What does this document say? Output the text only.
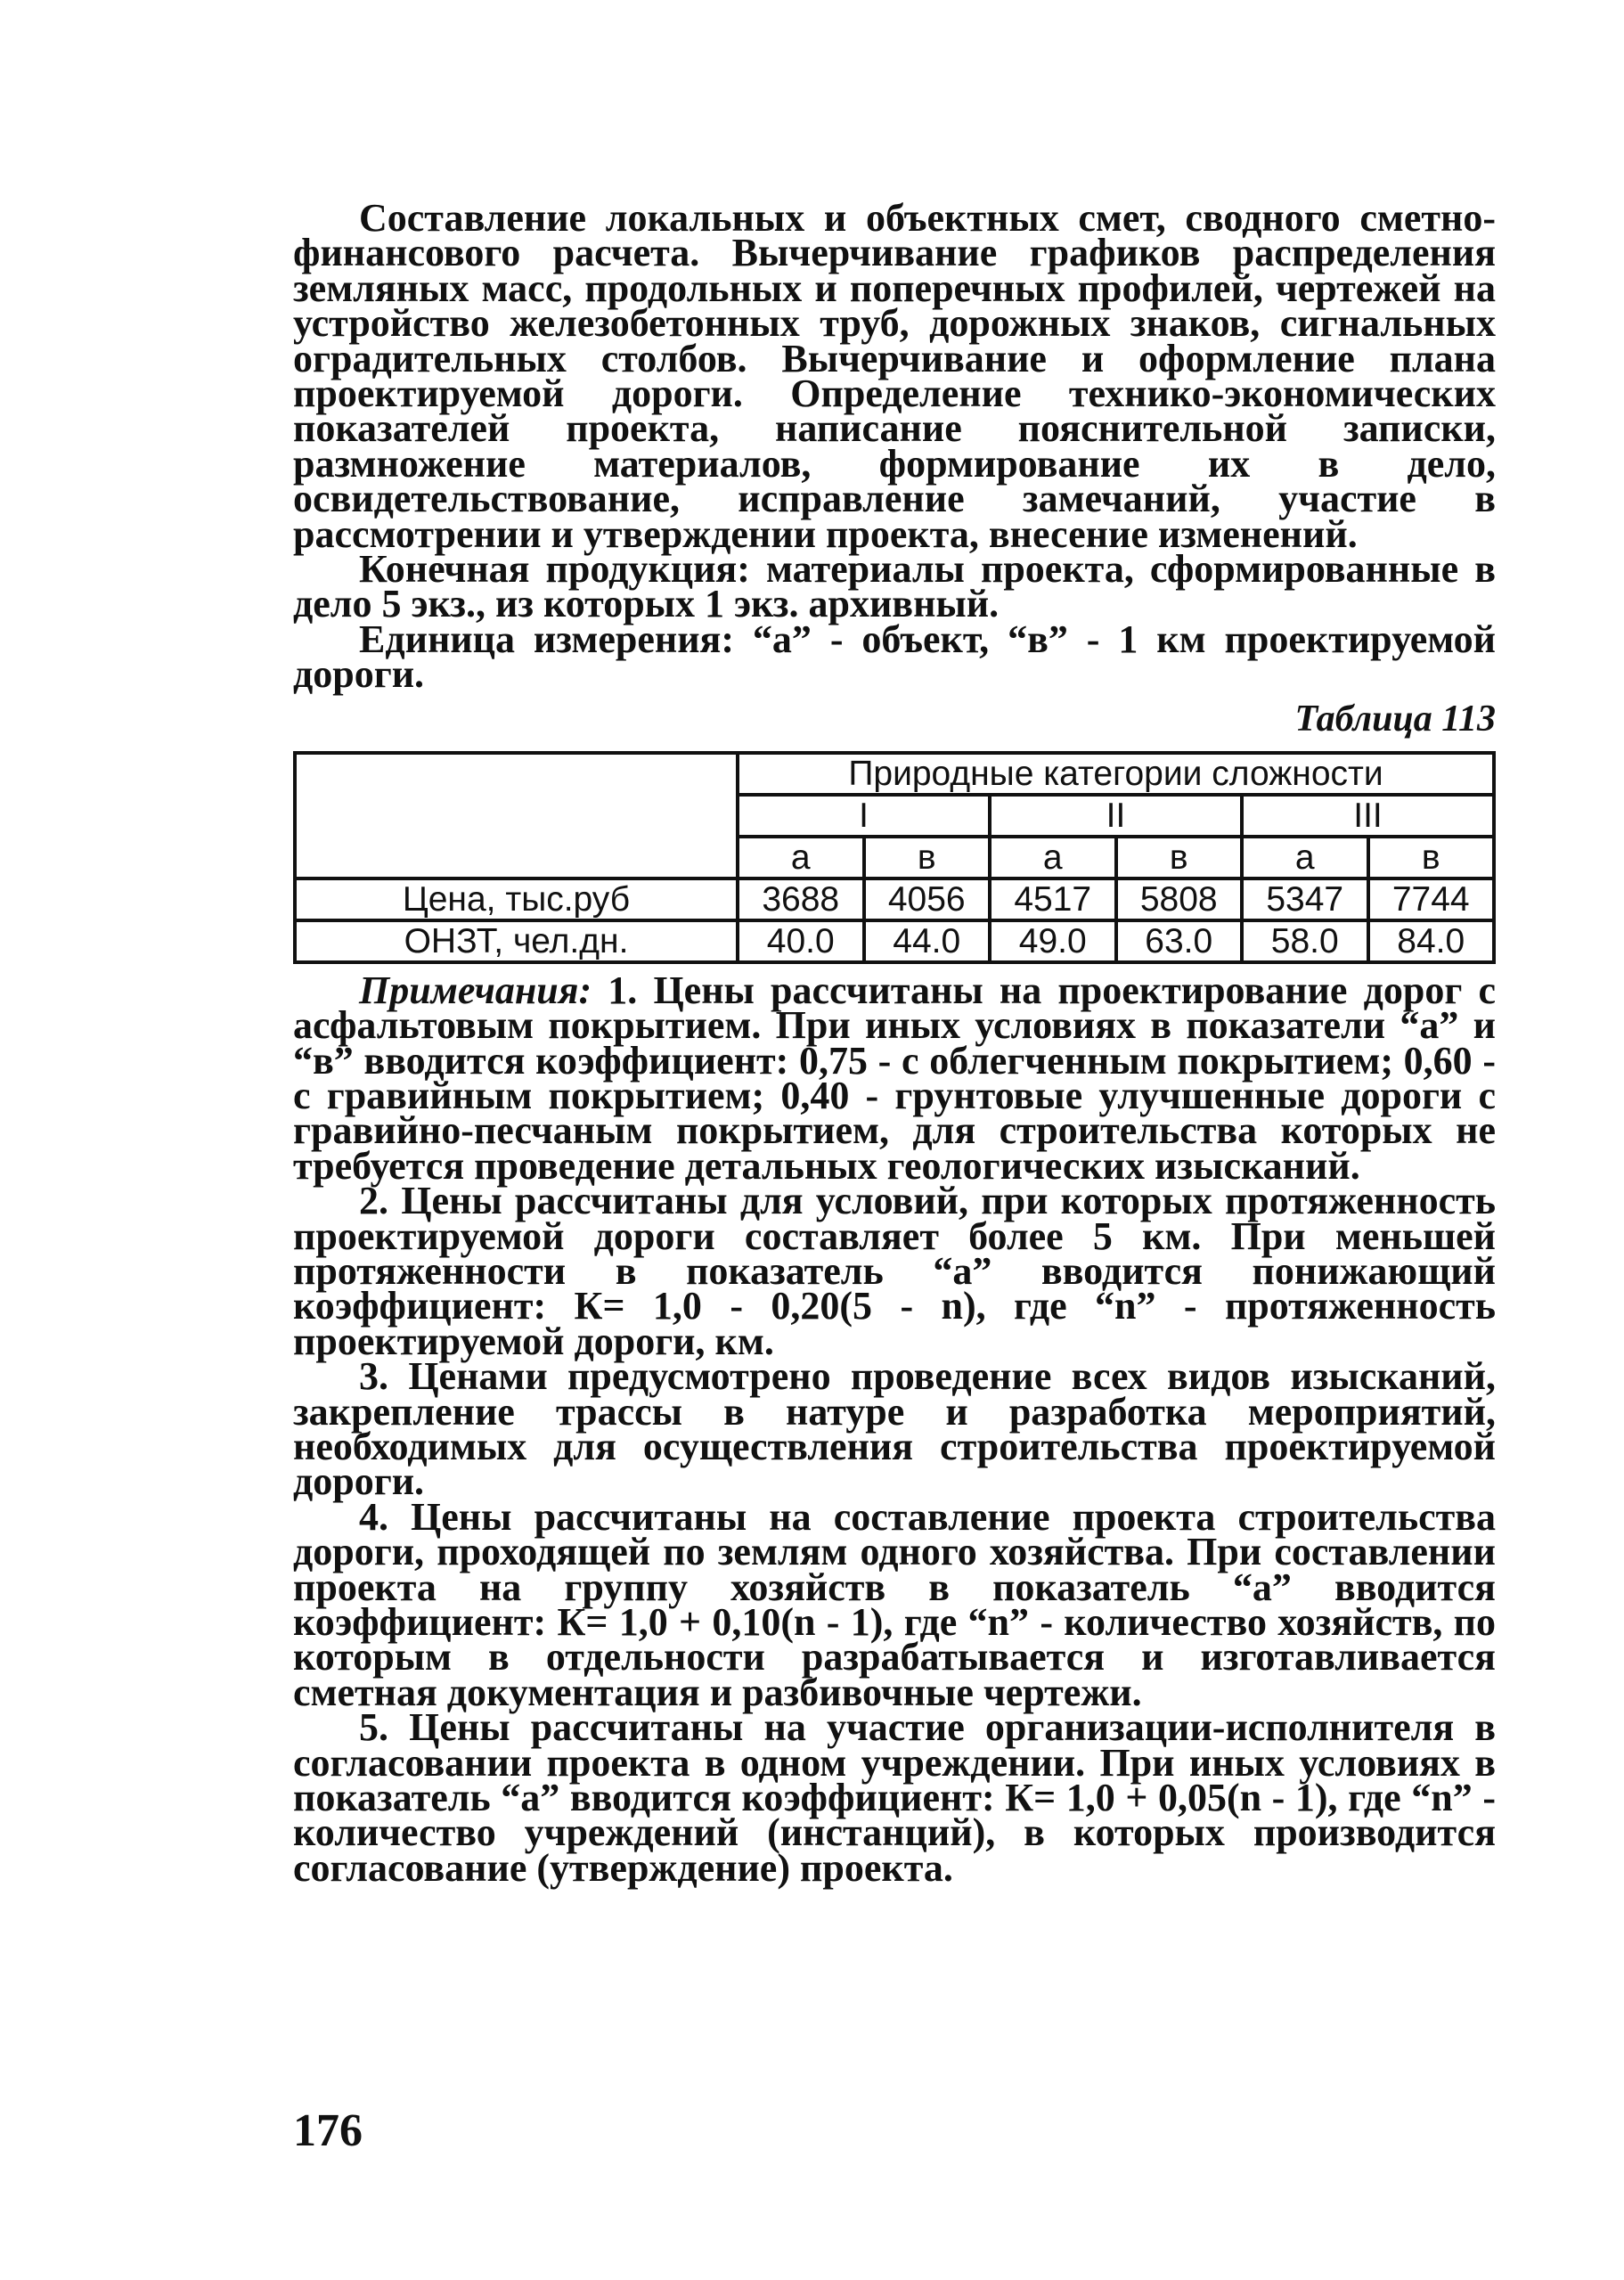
Составление локальных и объектных смет, сводного сметно-финансового расчета. Вычерчивание графиков распределения земляных масс, продольных и поперечных профилей, чертежей на устройство железобетонных труб, дорожных знаков, сигнальных оградительных столбов. Вычерчивание и оформление плана проектируемой дороги. Определение технико-экономических показателей проекта, написание пояснительной записки, размножение материалов, формирование их в дело, освидетельствование, исправление замечаний, участие в рассмотрении и утверждении проекта, внесение изменений.

Конечная продукция: материалы проекта, сформированные в дело 5 экз., из которых 1 экз. архивный.

Единица измерения: “а” - объект, “в” - 1 км проектируемой дороги.

Таблица 113
	Природные категории сложности					
	I		II		III	
	а	в	а	в	а	в
Цена, тыс.руб	3688	4056	4517	5808	5347	7744
ОНЗТ, чел.дн.	40.0	44.0	49.0	63.0	58.0	84.0

Примечания: 1. Цены рассчитаны на проектирование дорог с асфальтовым покрытием. При иных условиях в показатели “а” и “в” вводится коэффициент: 0,75 - с облегченным покрытием; 0,60 - с гравийным покрытием; 0,40 - грунтовые улучшенные дороги с гравийно-песчаным покрытием, для строительства которых не требуется проведение детальных геологических изысканий.

2. Цены рассчитаны для условий, при которых протяженность проектируемой дороги составляет более 5 км. При меньшей протяженности в показатель “а” вводится понижающий коэффициент: К= 1,0 - 0,20(5 - n), где “n” - протяженность проектируемой дороги, км.

3. Ценами предусмотрено проведение всех видов изысканий, закрепление трассы в натуре и разработка мероприятий, необходимых для осуществления строительства проектируемой дороги.

4. Цены рассчитаны на составление проекта строительства дороги, проходящей по землям одного хозяйства. При составлении проекта на группу хозяйств в показатель “а” вводится коэффициент: К= 1,0 + 0,10(n - 1), где “n” - количество хозяйств, по которым в отдельности разрабатывается и изготавливается сметная документация и разбивочные чертежи.

5. Цены рассчитаны на участие организации-исполнителя в согласовании проекта в одном учреждении. При иных условиях в показатель “а” вводится коэффициент: К= 1,0 + 0,05(n - 1), где “n” - количество учреждений (инстанций), в которых производится согласование (утверждение) проекта.

176
